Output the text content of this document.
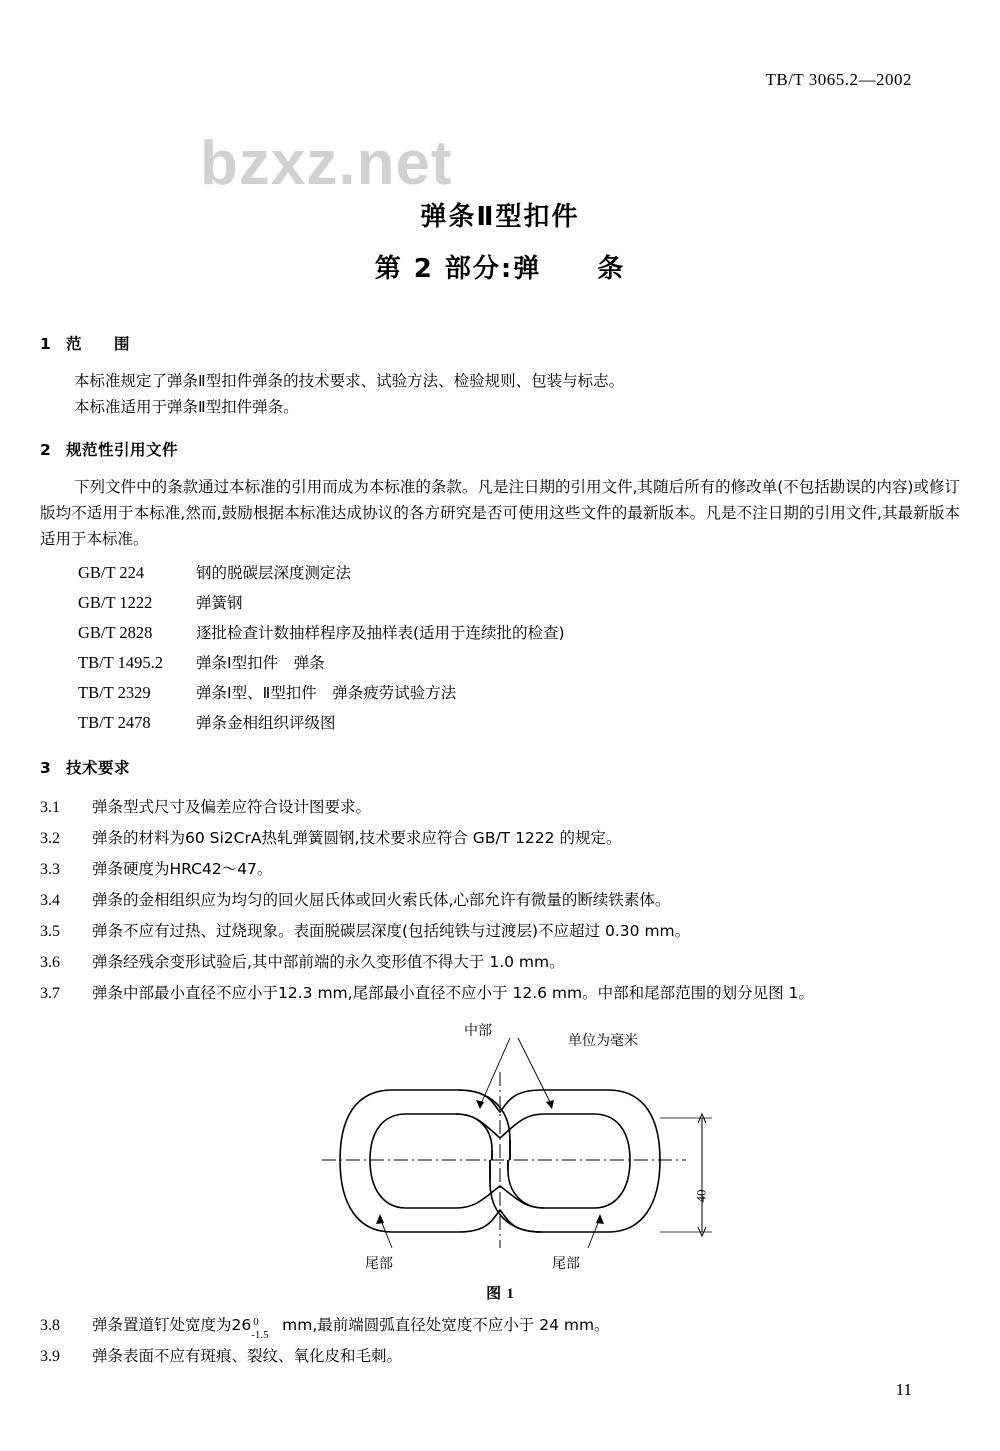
TB/T 3065.2—2002
bzxz.net
弹条Ⅱ型扣件
第 2 部分:弹　　条
1 范　　围

本标准规定了弹条Ⅱ型扣件弹条的技术要求、试验方法、检验规则、包装与标志。

本标准适用于弹条Ⅱ型扣件弹条。

2 规范性引用文件

下列文件中的条款通过本标准的引用而成为本标准的条款。凡是注日期的引用文件,其随后所有的修改单(不包括勘误的内容)或修订版均不适用于本标准,然而,鼓励根据本标准达成协议的各方研究是否可使用这些文件的最新版本。凡是不注日期的引用文件,其最新版本适用于本标准。

GB/T 224	钢的脱碳层深度测定法
GB/T 1222	弹簧钢
GB/T 2828	逐批检查计数抽样程序及抽样表(适用于连续批的检查)
TB/T 1495.2 弹条Ⅰ型扣件　弹条
TB/T 2329	弹条Ⅰ型、Ⅱ型扣件　弹条疲劳试验方法
TB/T 2478	弹条金相组织评级图
3 技术要求
3.1	弹条型式尺寸及偏差应符合设计图要求。
3.2	弹条的材料为60 Si2CrA热轧弹簧圆钢,技术要求应符合 GB/T 1222 的规定。
3.3	弹条硬度为HRC42～47。
3.4	弹条的金相组织应为均匀的回火屈氏体或回火索氏体,心部允许有微量的断续铁素体。
3.5	弹条不应有过热、过烧现象。表面脱碳层深度(包括纯铁与过渡层)不应超过 0.30 mm。
3.6	弹条经残余变形试验后,其中部前端的永久变形值不得大于 1.0 mm。
3.7	弹条中部最小直径不应小于12.3 mm,尾部最小直径不应小于 12.6 mm。中部和尾部范围的划分见图 1。
中部
单位为毫米
40
尾部	尾部
图 1
3.8	弹条置道钉处宽度为26 0
-1.5
mm,最前端圆弧直径处宽度不应小于 24 mm。
3.9	弹条表面不应有斑痕、裂纹、氧化皮和毛刺。
11
